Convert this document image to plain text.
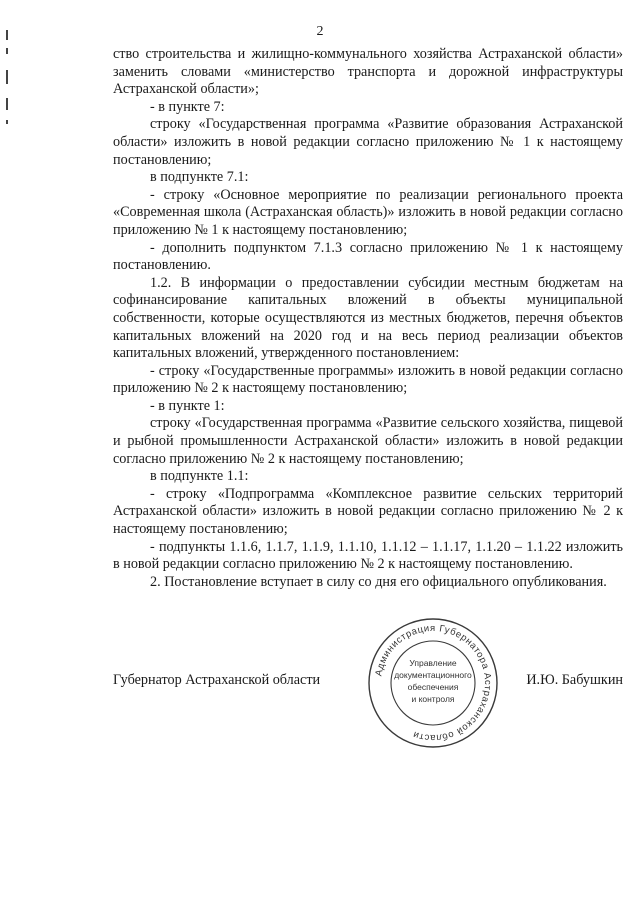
2

ство строительства и жилищно-коммунального хозяйства Астраханской области» заменить словами «министерство транспорта и дорожной инфраструктуры Астраханской области»;

- в пункте 7:

строку «Государственная программа «Развитие образования Астраханской области» изложить в новой редакции согласно приложению № 1 к настоящему постановлению;

в подпункте 7.1:

- строку «Основное мероприятие по реализации регионального проекта «Современная школа (Астраханская область)» изложить в новой редакции согласно приложению № 1 к настоящему постановлению;

- дополнить подпунктом 7.1.3 согласно приложению № 1 к настоящему постановлению.

1.2. В информации о предоставлении субсидии местным бюджетам на софинансирование капитальных вложений в объекты муниципальной собственности, которые осуществляются из местных бюджетов, перечня объектов капитальных вложений на 2020 год и на весь период реализации объектов капитальных вложений, утвержденного постановлением:

- строку «Государственные программы» изложить в новой редакции согласно приложению № 2 к настоящему постановлению;

- в пункте 1:

строку «Государственная программа «Развитие сельского хозяйства, пищевой и рыбной промышленности Астраханской области» изложить в новой редакции согласно приложению № 2 к настоящему постановлению;

в подпункте 1.1:

- строку «Подпрограмма «Комплексное развитие сельских территорий Астраханской области» изложить в новой редакции согласно приложению № 2 к настоящему постановлению;

- подпункты 1.1.6, 1.1.7, 1.1.9, 1.1.10, 1.1.12 – 1.1.17, 1.1.20 – 1.1.22 изложить в новой редакции согласно приложению № 2 к настоящему постановлению.

2. Постановление вступает в силу со дня его официального опубликования.

Губернатор Астраханской области	И.Ю. Бабушкин
Администрация Губернатора Астраханской области
Управление
документационного
обеспечения
и контроля
